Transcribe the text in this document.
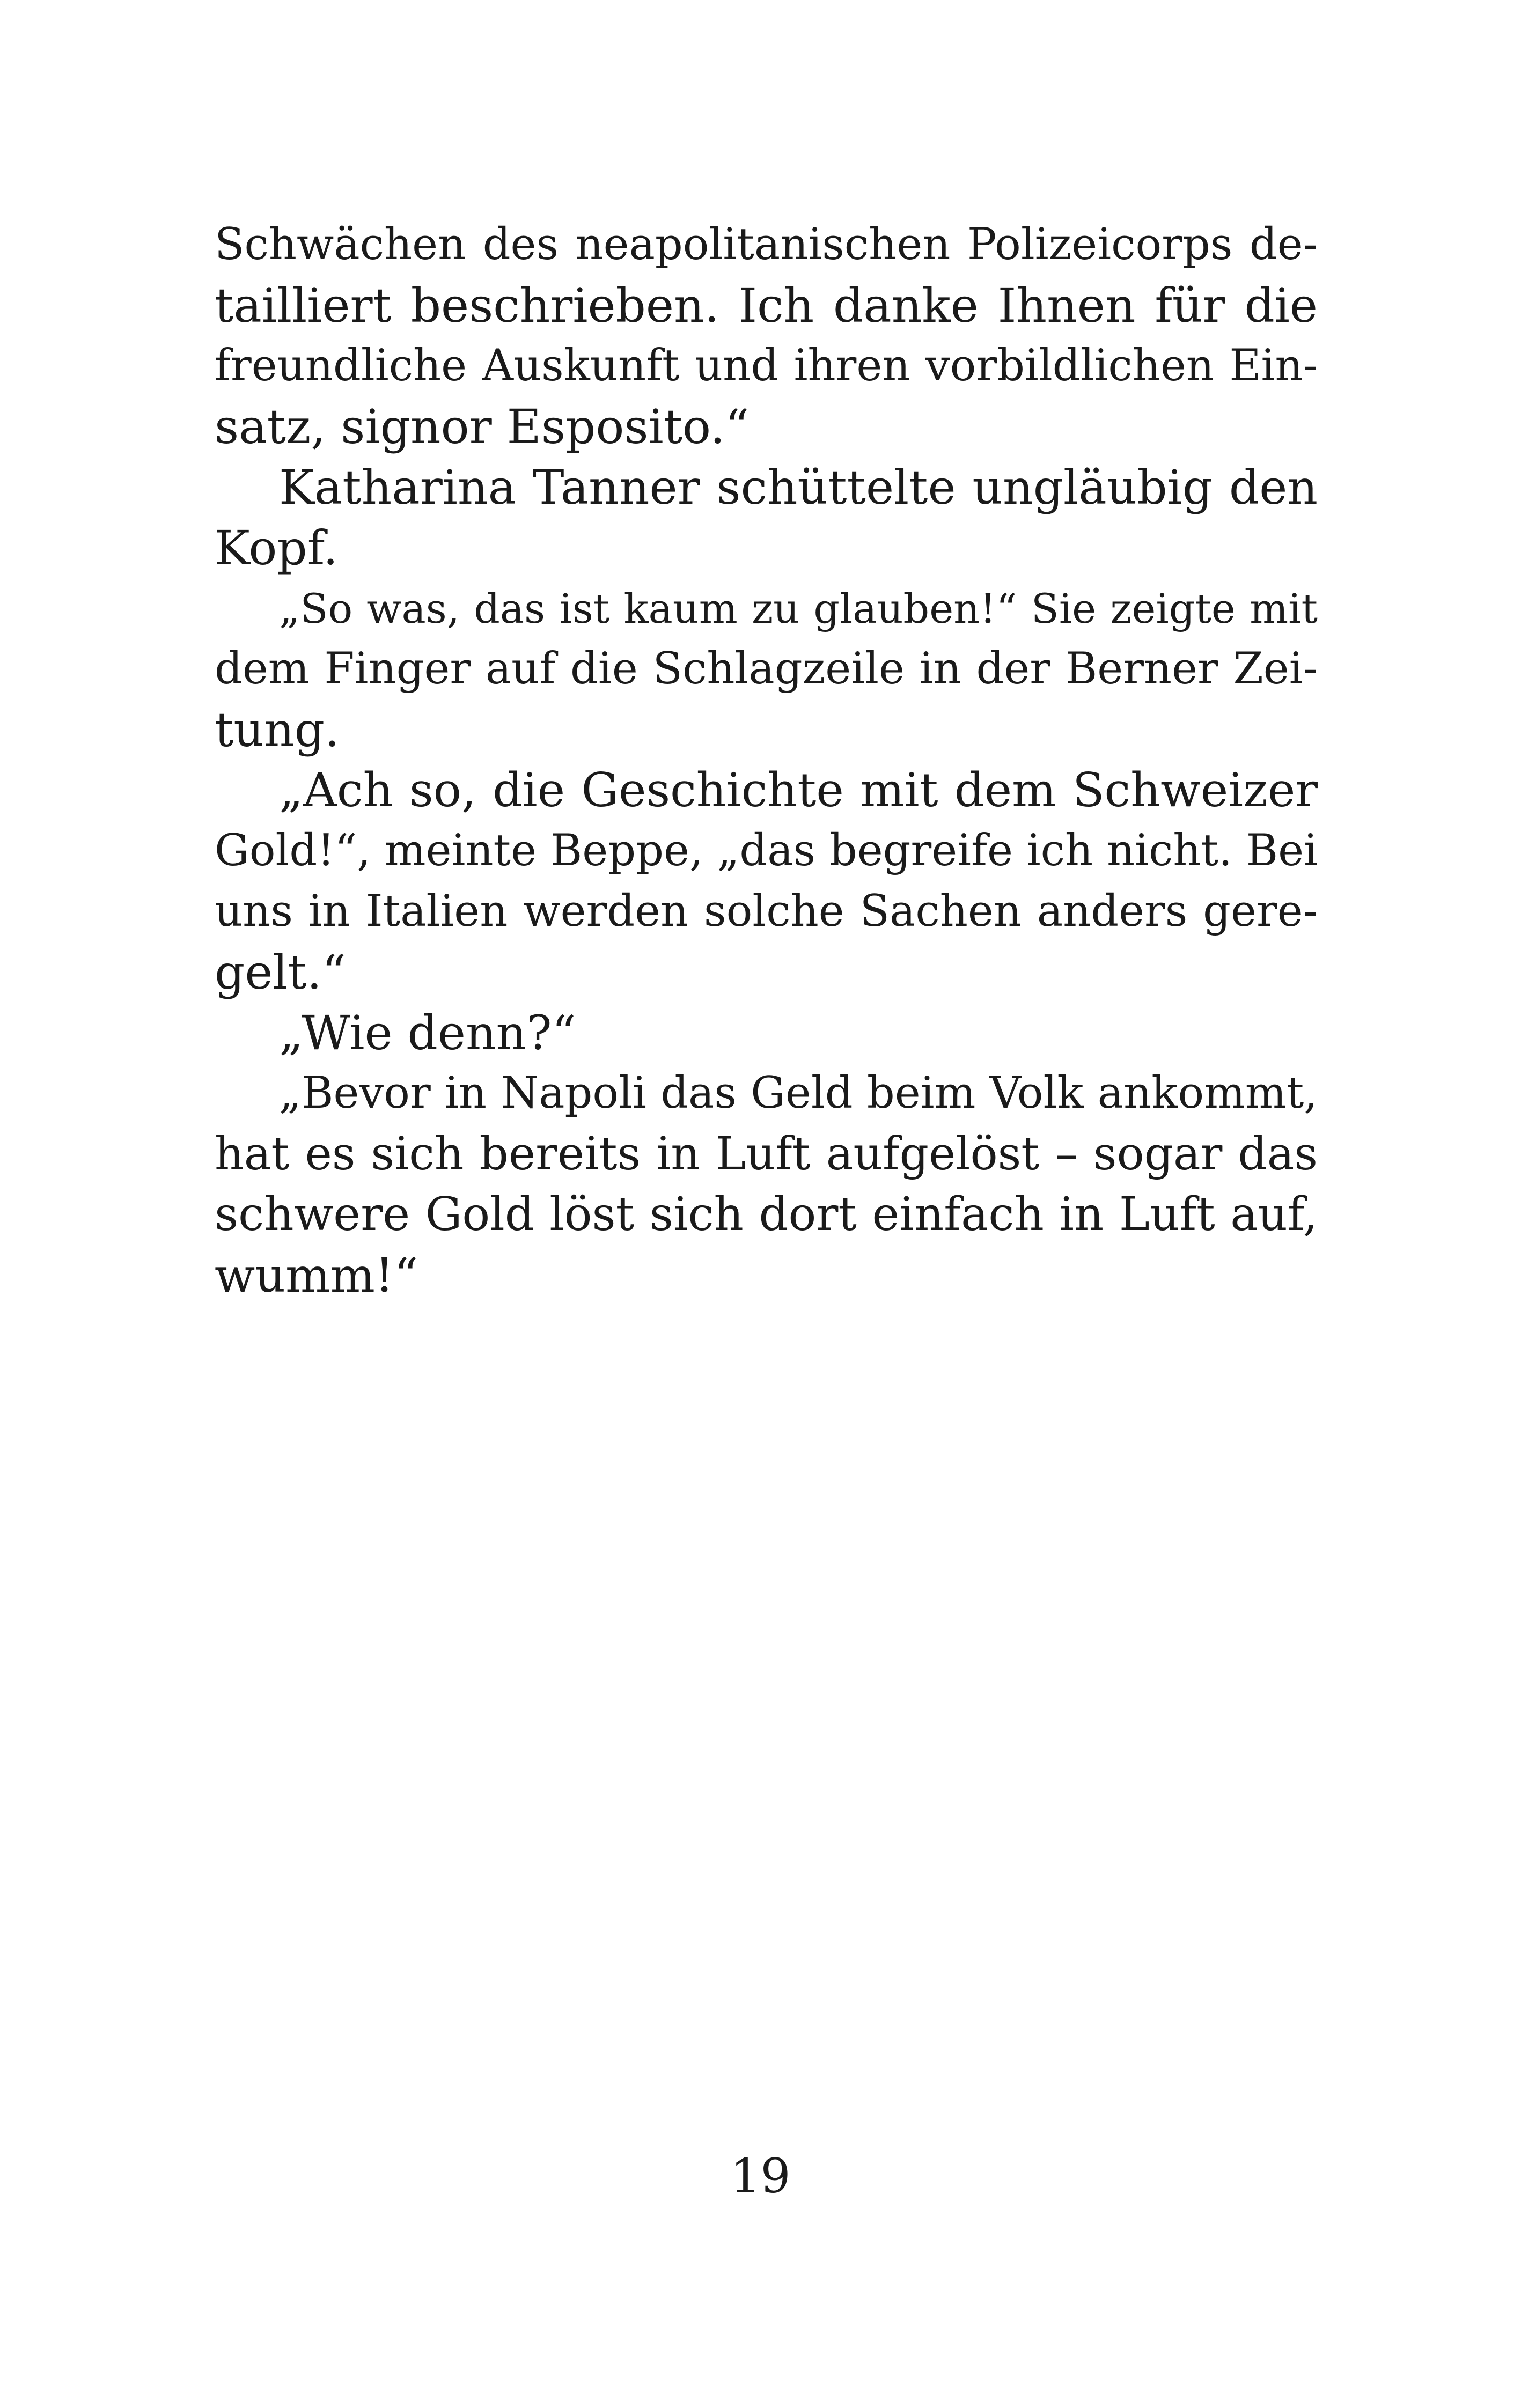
Schwächen des neapolitanischen Polizeicorps de-
tailliert beschrieben. Ich danke Ihnen für die
freundliche Auskunft und ihren vorbildlichen Ein-
satz, signor Esposito.“
Katharina Tanner schüttelte ungläubig den
Kopf.
„So was, das ist kaum zu glauben!“ Sie zeigte mit
dem Finger auf die Schlagzeile in der Berner Zei-
tung.
„Ach so, die Geschichte mit dem Schweizer
Gold!“, meinte Beppe, „das begreife ich nicht. Bei
uns in Italien werden solche Sachen anders gere-
gelt.“
„Wie denn?“
„Bevor in Napoli das Geld beim Volk ankommt,
hat es sich bereits in Luft aufgelöst – sogar das
schwere Gold löst sich dort einfach in Luft auf,
wumm!“
19
